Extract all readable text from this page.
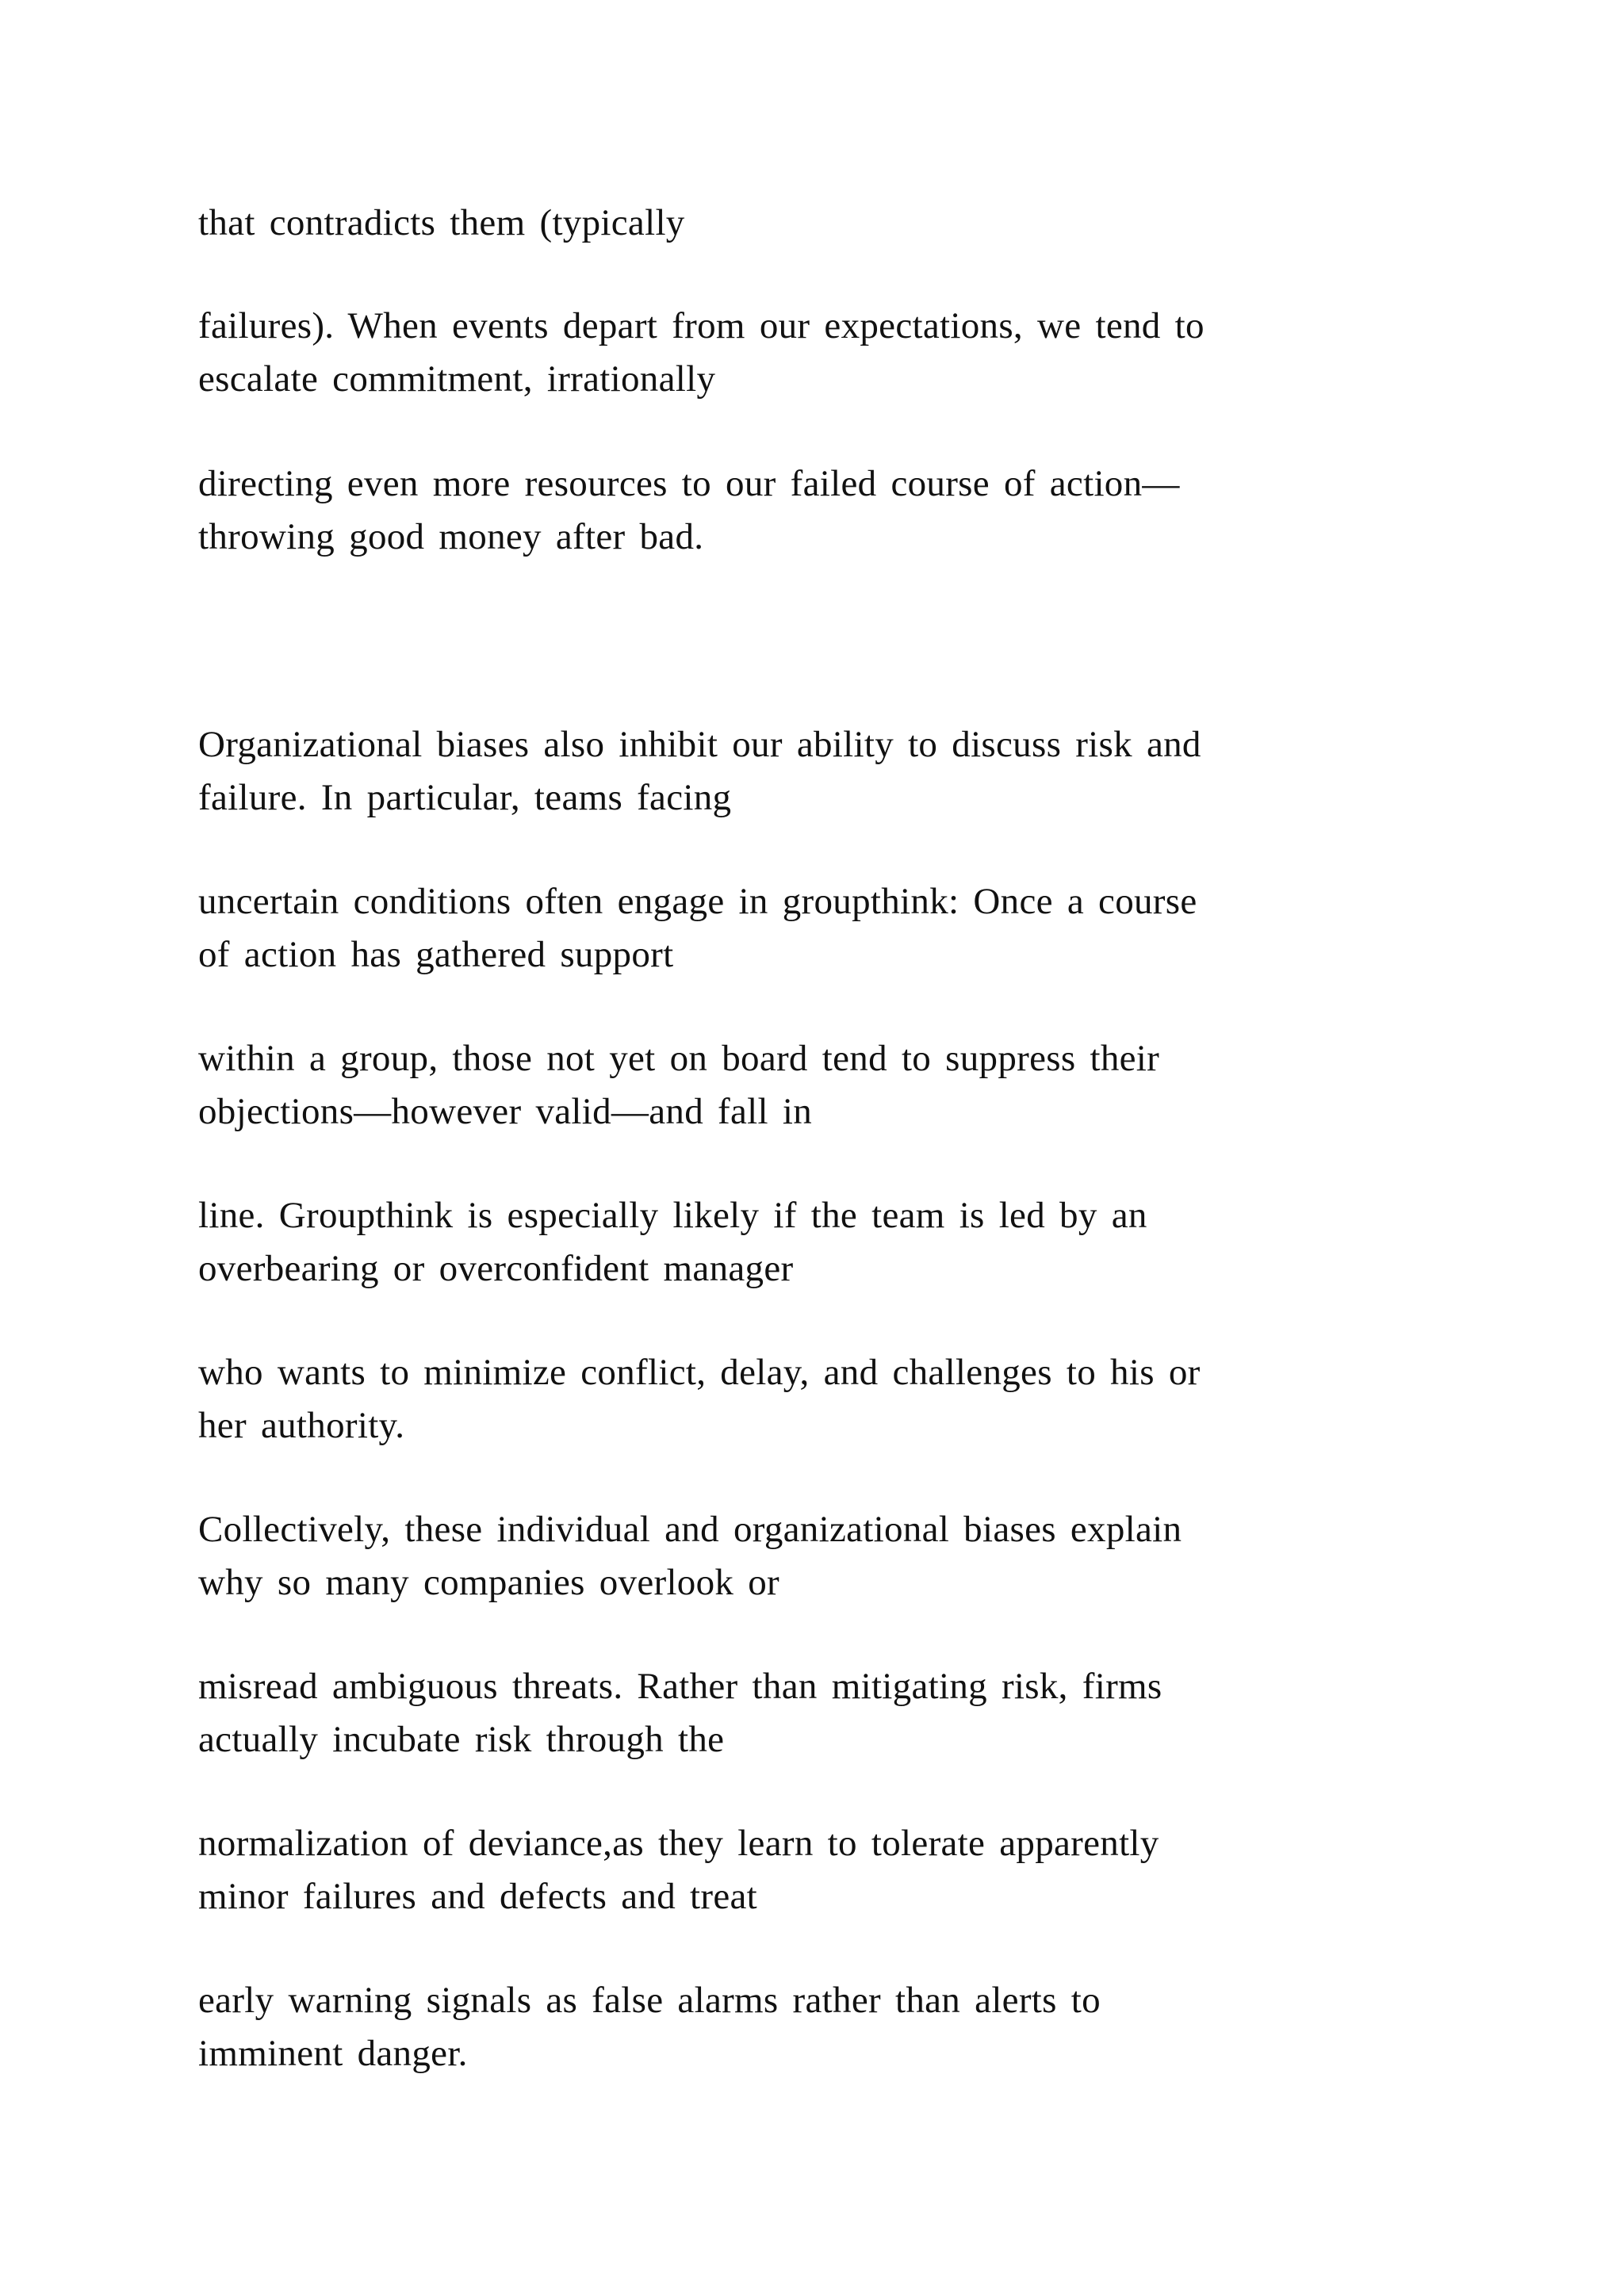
that contradicts them (typically

failures). When events depart from our expectations, we tend to
escalate commitment, irrationally

directing even more resources to our failed course of action—
throwing good money after bad.

Organizational biases also inhibit our ability to discuss risk and
failure. In particular, teams facing

uncertain conditions often engage in groupthink: Once a course
of action has gathered support

within a group, those not yet on board tend to suppress their
objections—however valid—and fall in

line. Groupthink is especially likely if the team is led by an
overbearing or overconfident manager

who wants to minimize conflict, delay, and challenges to his or
her authority.

Collectively, these individual and organizational biases explain
why so many companies overlook or

misread ambiguous threats. Rather than mitigating risk, firms
actually incubate risk through the

normalization of deviance,as they learn to tolerate apparently
minor failures and defects and treat

early warning signals as false alarms rather than alerts to
imminent danger.
